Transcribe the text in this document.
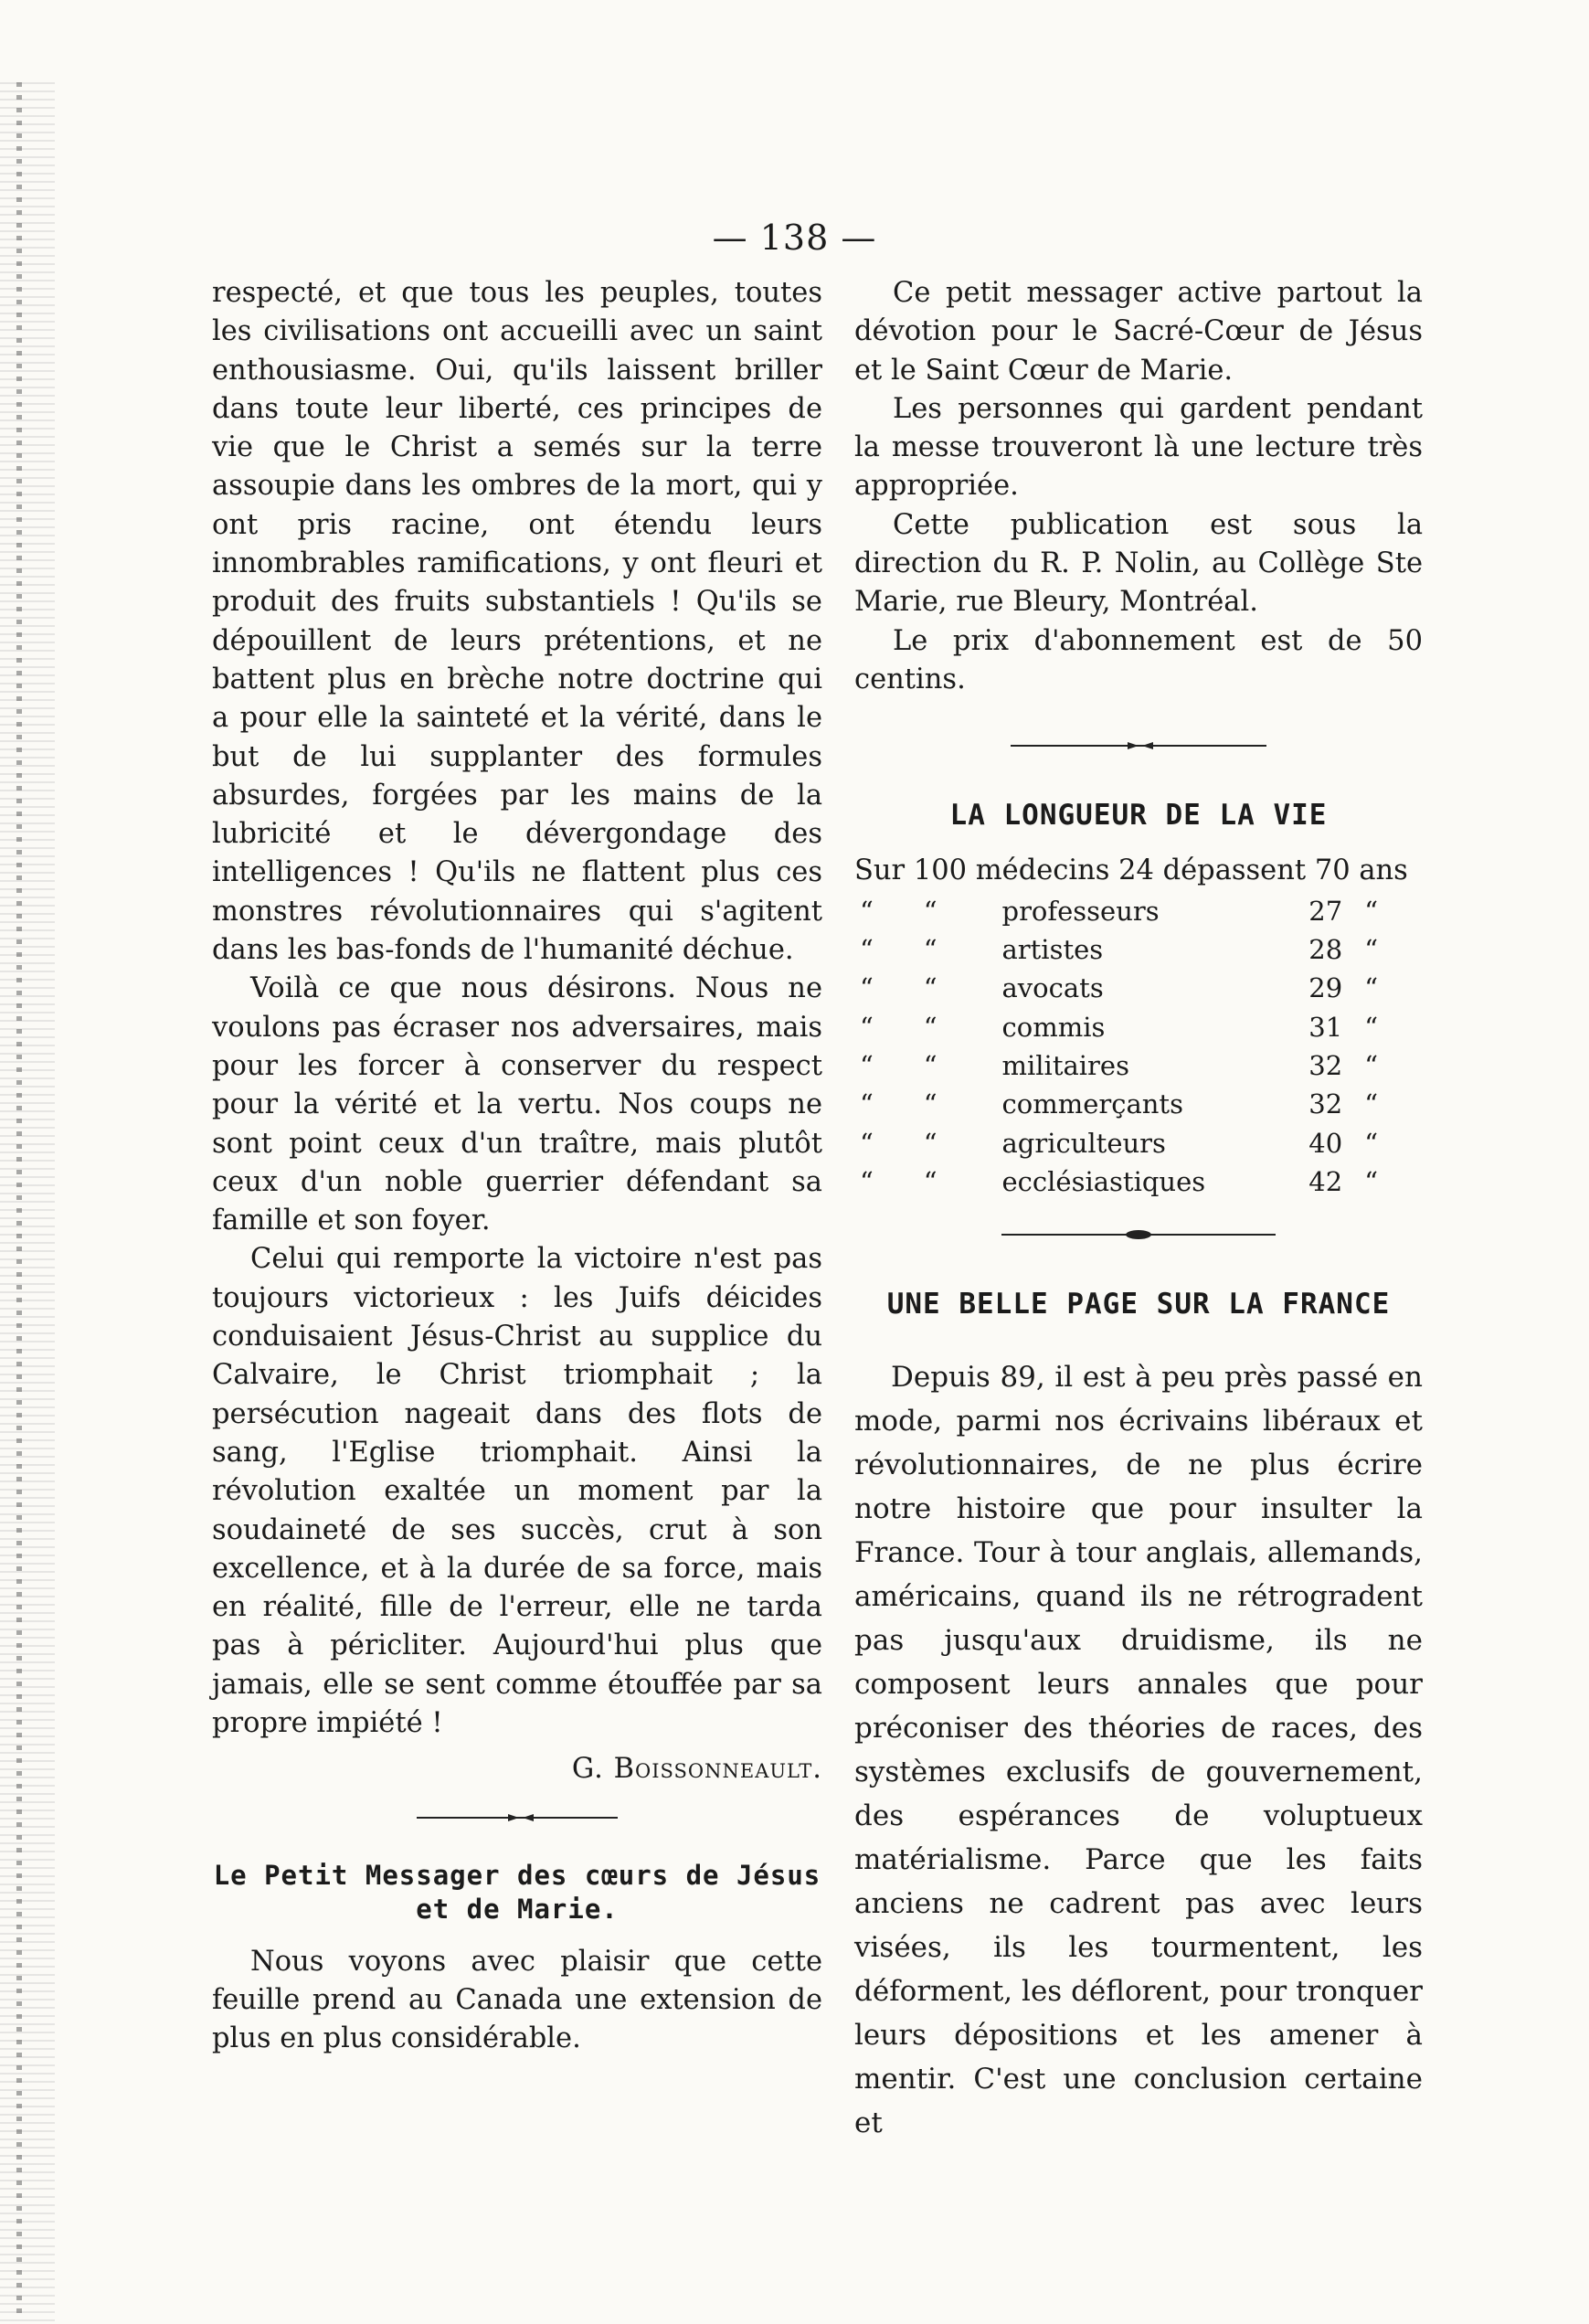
— 138 —

respecté, et que tous les peuples, toutes les civilisations ont accueilli avec un saint enthousiasme. Oui, qu'ils laissent briller dans toute leur liberté, ces principes de vie que le Christ a semés sur la terre assoupie dans les ombres de la mort, qui y ont pris racine, ont étendu leurs innombrables ramifications, y ont fleuri et produit des fruits substantiels ! Qu'ils se dépouillent de leurs prétentions, et ne battent plus en brèche notre doctrine qui a pour elle la sainteté et la vérité, dans le but de lui supplanter des formules absurdes, forgées par les mains de la lubricité et le dévergondage des intelligences ! Qu'ils ne flattent plus ces monstres révolutionnaires qui s'agitent dans les bas-fonds de l'humanité déchue.

Voilà ce que nous désirons. Nous ne voulons pas écraser nos adversaires, mais pour les forcer à conserver du respect pour la vérité et la vertu. Nos coups ne sont point ceux d'un traître, mais plutôt ceux d'un noble guerrier défendant sa famille et son foyer.

Celui qui remporte la victoire n'est pas toujours victorieux : les Juifs déicides conduisaient Jésus-Christ au supplice du Calvaire, le Christ triomphait ; la persécution nageait dans des flots de sang, l'Eglise triomphait. Ainsi la révolution exaltée un moment par la soudaineté de ses succès, crut à son excellence, et à la durée de sa force, mais en réalité, fille de l'erreur, elle ne tarda pas à péricliter. Aujourd'hui plus que jamais, elle se sent comme étouffée par sa propre impiété !

G. Boissonneault.
Le Petit Messager des cœurs de Jésus
et de Marie.

Nous voyons avec plaisir que cette feuille prend au Canada une extension de plus en plus considérable.

Ce petit messager active partout la dévotion pour le Sacré-Cœur de Jésus et le Saint Cœur de Marie.

Les personnes qui gardent pendant la messe trouveront là une lecture très appropriée.

Cette publication est sous la direction du R. P. Nolin, au Collège Ste Marie, rue Bleury, Montréal.

Le prix d'abonnement est de 50 centins.

LA LONGUEUR DE LA VIE
Sur 100 médecins 24 dépassent 70 ans
“	“	professeurs	27	“
“	“	artistes	28	“
“	“	avocats	29	“
“	“	commis	31	“
“	“	militaires	32	“
“	“	commerçants	32	“
“	“	agriculteurs	40	“
“	“	ecclésiastiques	42	“
UNE BELLE PAGE SUR LA FRANCE

Depuis 89, il est à peu près passé en mode, parmi nos écrivains libéraux et révolutionnaires, de ne plus écrire notre histoire que pour insulter la France. Tour à tour anglais, allemands, américains, quand ils ne rétrogradent pas jusqu'aux druidisme, ils ne composent leurs annales que pour préconiser des théories de races, des systèmes exclusifs de gouvernement, des espérances de voluptueux matérialisme. Parce que les faits anciens ne cadrent pas avec leurs visées, ils les tourmentent, les déforment, les déflorent, pour tronquer leurs dépositions et les amener à mentir. C'est une conclusion certaine et
